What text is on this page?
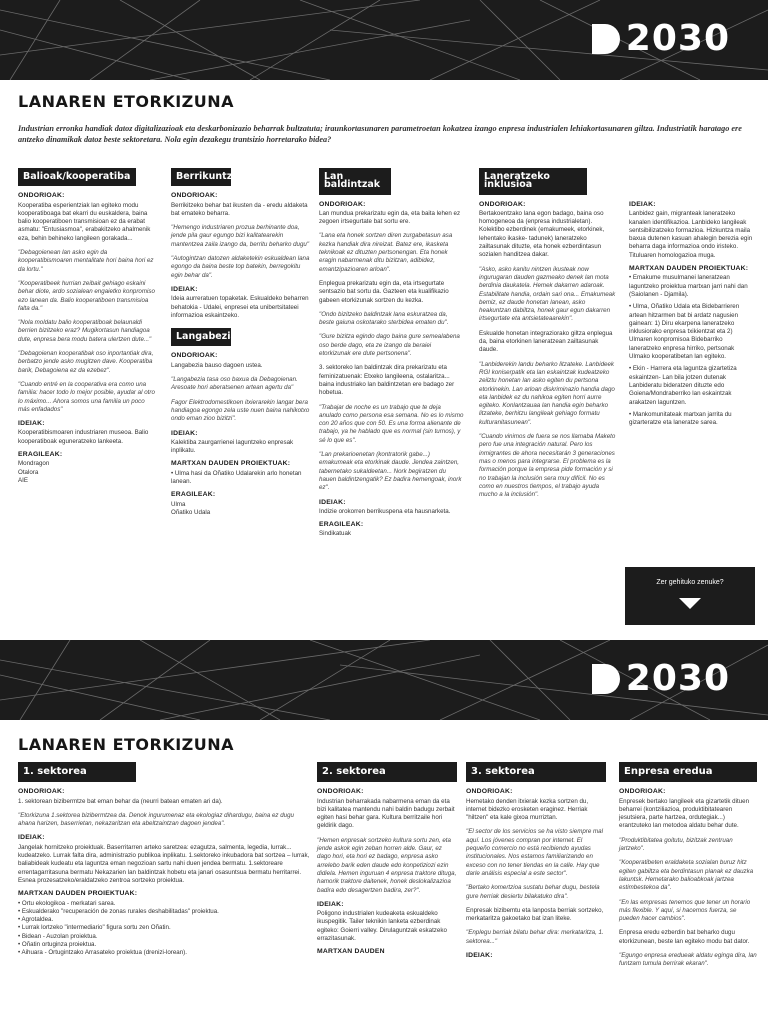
2030
LANAREN ETORKIZUNA
Industrian erronka handiak datoz digitalizazioak eta deskarbonizazio beharrak bultzatuta; iraunkortasunaren parametroetan kokatzea izango enpresa industrialen lehiakortasunaren giltza. Industriatik haratago ere antzeko dinamikak datoz beste sektoretara. Nola egin dezakegu trantsizio horretarako bidea?
Balioak/kooperatiba
ONDORIOAK:

Kooperatiba esperientziak lan egiteko modu kooperatiboaga bat ekarri du euskaldera, baina balio kooperatiboen transmisioan ez da erabat asmatu: "Entusiasmoa", erabakitzeko ahalmenik eza, behin behineko langileen gorakada...

"Debagoienean lan asko egin da kooperatibismoaren mentalitate hori baina hori ez da lortu."

"Kooperatibeek hurrian zeibait gehiago eskaini behar diote, ardo sozialean engaietko konpromiso ezo lanean da. Balio kooperatiboen transmisioa falta da."

"Nola moldatu balio kooperatiboak belaunaldi berrien bizitzeko eraz? Mugikortasun handiagoa dute, enpresa bera modu batera ulertzen dute..."

"Debagoienan kooperatibak oso inportantiak dira, berbatzo jende asko mugitzen dave. Kooperatiba barik, Debagoiena ez da ezebez".

"Cuando entré en la cooperativa era como una familia: hacer todo lo mejor posible, ayudar al otro lo máximo... Ahora somos una familia un poco más enfadados"

IDEIAK:

Kooperatibismoaren industriaren museoa. Balio kooperatiboak eguneratzeko lankeeta.

ERAGILEAK:
Mondragon
Otalora
AIE
Berrikuntza
ONDORIOAK:

Berrikitzeko behar bat ikusten da - eredu aldaketa bat emateko beharra.

"Hemengo industriaren prozua berhinante doa, jende pila gaur egungo bizi kalitatearekin mantentzea zaila izango da, berritu beharko dugu"

"Autogintzan datozen aldaketekin eskualdean lana egongo da baina beste top batekin, berregokitu egin behar da".

IDEIAK:

Ideia aurreratuen topaketak. Eskualdeko beharren behatokia - Udalei, enpresei eta unibertsitateei informazioa eskaintzeko.

Langabezia
ONDORIOAK:

Langabezia bauso dagoen ustea.

"Langabezia tasa oso baxua da Debagoienan. Aresoate hori aberatsenen artean agertu da"

Fagor Elektrodomestikoen itxierarekin langar bera handiagoa egongo zela uste nuen baina nahikotxo ondo eman zioo bizitzi".

IDEIAK:

Kalektiba zaurgarrienei laguntzeko enpresak inplikatu.

MARTXAN DAUDEN PROIEKTUAK:

• Ulma hasi da Oñatiko Udalarekin arlo honetan lanean.

ERAGILEAK:
Ulma
Oñatiko Udala
Lan baldintzak
ONDORIOAK:

Lan mundua prekarizatu egin da, eta baita lehen ez zegoen irtsegurtate bat sortu ere.

"Lana eta honek sortzen diren zurgabetasun asa kezka handiak dira nireizat. Batez ere, ikasketa teknikoak ez dituzten pertsonengan. Eta honek eragin nabarmenak ditu bizitzan, adibidez, emantzipazioaren arloan".

Enplegua prekarizatu egin da, eta irtsegurtate sentsazio bat sortu da. Gazteen eta kualifikazio gabeen etorkizunak sortzen du kezka.

"Ondo bizitzeko baldintzak lana eskuratzea da, beste gaiuna oskotarako sterbidea ematen du".

"Gure bizitza egindo dago baina gure semealabena oso berde dago, eta ze izango da beraiei etorkizunak ere dute pertsonena".

3. sektoreko lan baldintzak dira prekarizatu eta feminizatuenak: Etxeko langileena, ostalaritza... baina industriako lan baldintzetan ere badago zer hobetua.

"Trabajar de noche es un trabajo que te deja anulado como persona esa semana. No es lo mismo con 20 años que con 50. Es una forma alienante de trabajo, ya he hablado que es normal (sin turnos), y sé lo que es".

"Lan prekarioenetan (kontratorik gabe...) emakumeak eta etorkinak daude. Jendea zaintzen, tabernetako sukaldeetan... Nork begiratzen du hauen baldintzengatik? Ez badira hemengoak, inork ez".

IDEIAK:

Indizie orokorren berrikuspena eta hausnarketa.

ERAGILEAK:
Sindikatuak
Laneratzeko inklusioa
ONDORIOAK:

Bertakoentzako lana egon badago, baina oso homogeneoa da (enpresa industrialetan). Kolektibo ezberdinek (emakumeek, etorkinek, lehentako ikaske- tadunek) laneratzeko zailtasunak dituzte, eta honek ezberdintasun sozialen handitzea dakar.

"Asko, asko kanitu nintzen ikusteak now ingurugaran dauden gazmeako denek lan mota berdinia daukatela. Hemek dakarren adaroak. Estabilitate handia, ordain sari ona... Emakumeak bemiz, ez daude honetan lanean, asko heakuntzan dabiltza, honek gaur egun dakarren irtsegurtate eta antsietateaarekin".

Eskualde honetan integraziorako giltza enplegua da, baina etorkinen laneratzean zailtasunak daude.

"Lanbiderekin landu beharko litzateke. Lanbideek RGI koniserpatik eta lan eskaintzak kudeatzeko zeilztu honetan lan asko egiten du pertsona etorkinekin. Lan arloan diskriminazio handia dago eta lanbidek ez du nahikoa egiten horri aurre egiteko. Konlantzauaa lan handia egin beharko litzateke, berhitzu langileak gehiago formatu kulturanitasunean".

"Cuando vinimos de fuera se nos llamaba Maketo pero fue una integración natural. Pero los inmigrantes de ahora necesitarán 3 generaciones mas o menos para integrarse. El problema es la formación porque la empresa pide formación y si no trabajan la inclusión sera muy difícil. No es como en nuestros tiempos, el trabajo ayuda mucho a la inclusión".

IDEIAK:

Lanbidez gain, migranteak laneratzeko kanalen identifikazioa. Lanbideko langileak sentsibilizatzeko formazioa. Hizkuntza maila baxua dutenen kasuan ahalegin berezia egin beharra daga informazioa ondo iristeko. Tituluaren homologazioa muga.

MARTXAN DAUDEN PROIEKTUAK:

• Emakume musulmanei laneratzean laguntzeko proiektua martxan jarri nahi dan (Saiolanen - Djamila).

• Ulma, Oñatiko Udala eta Bidebarrieren artean hitzarmen bat bi ardatz nagusien gainean: 1) Diru ekarpena laneratzeko inklusiorako enpresa txikientzat eta 2) Ulmaren konpromisoa Bidebarriko laneratzeko enpresa hirriko, pertsonak Ulmako kooperatibetan lan egiteko.

• Ekin - Harrera eta laguntza gizartetiza eskaintzen- Lan bila jotzen dutenak Lanbideratu bideratzen dituzte edo Goiena/Mondraberriko lan eskaintzak arakatzen laguntzen.

• Mankomunitateak martxan jarrita du gizarteratze eta laneratze sarea.

Zer gehituko zenuke?
2030
LANAREN ETORKIZUNA
1. sektorea
ONDORIOAK:

1. sektorean bizibermtze bat eman behar da (neurri batean ematen ari da).

"Etorkizuna 1.sektorea bizibermtzea da. Denok ingurumenaz eta ekologiaz dihardugu, baina ez dugu ahana harizen, baserrietan, nekazaritzan eta abeltzaintzan dagoen jendea".

IDEIAK:

Jangelak hornitzeko proiektuak. Baserritarren arteko saretzea: ezagutza, salmenta, legedia, lurrak... kudeatzeko. Lurrak falta dira, administrazio publikoa inplikatu. 1.sektoreko inkubadora bat sortzea – lurrak, baliabideak kudeatu eta laguntza eman negozioan sartu nahi duen jendea bermatu. 1.sektoreare errentagarritasuna bermatu Nekazarien lan baldintzak hobetu eta janari osasuntsua bermatu herritarrei. Esnea prozesatzeko/eraldatzeko zentroa sortzeko proiektua.

MARTXAN DAUDEN PROIEKTUAK:
• Ortu ekologikoa - merkatari sarea.
• Eskualderako "recuperación de zonas rurales deshabilitadas" proiektua.
• Agrotaldea.
• Lurrak lortzeko "intermediario" figura sortu zen Oñatin.
• Bidean - Auzolan proiektua.
• Oñatin ortuginza proiektua.
• Aihuara - Ortugintzako Arrasateko proiektua (drenizi-lorean).
2. sektorea
ONDORIOAK:

Industrian beharrakada nabarmena eman da eta bizi kalitatea mantendu nahi baldin badugu zerbait egiten hasi behar gara. Kultura berritzaile hori geldirik dago.

"Hemen enpresak sortzeko kultura sortu zen, eta jende askok egin zeban horren alde. Gaur, ez dago hori, eta hori ez badago, enpresa asko arrelebo barik eden daude edo konpetiziozi ezin didiela. Hemen inguruan 4 enpresa traktore dituga, hamorik traktore daitenek, honek deslokalizazioa badira edo desagertzen badira, zer?".

IDEIAK:

Poligono industrialen kudeaketa eskualdeko ikuspegitik. Tailer teknikin lanketa ezberdinak egiteko: Goierri valley. Dirulaguntzak eskatzeko errazitasunak.

MARTXAN DAUDEN
3. sektorea
ONDORIOAK:

Hemetako denden itxierak kezka sortzen du, internet bidezko erosketen eraginez. Herriak "hiltzen" eta kale gixoa murriztan.

"El sector de los servicios se ha visto siempre mal aquí. Los jóvenes compran por internet. El pequeño comercio no está recibiendo ayudas institucionales. Nos estamos familiarizando en exceso con no tener tiendas en la calle. Hay que darle análisis especial a este sector".

"Bertako komertzioa sustatu behar dugu, bestela gure herriak desiertu bilakatuko dira".

Enpresak bizibemtu eta lanposta berriak sortzeko, merkataritza gakoetako bat izan liteke.

"Enplegu berriak bilatu behar dira: merkataritza, 1. sektorea..."

IDEIAK:
Enpresa eredua
ONDORIOAK:

Enpresek bertako langileek eta gizartetik dituen beharrei (kontziliazioa, produktibitatearen jesutsiera, parte hartzea, ordutegiak...) erantzuteko lan metodoa aldatu behar dute.

"Produktibitatea goitutu, bizitzak zentruan jartzeko".

"Kooperatibeten eraldaketa sozialan buruz hitz egiten gabiltza eta berdintasun planak ez dauzka lakuntsk. Hemetarako balioabkoak jartzea estimbestekoa da".

"En las empresas tenemos que tener un horario más flexible. Y aquí, si hacemos fuerza, se pueden hacer cambios".

Enpresa eredu ezberdin bat beharko dugu etorkizunean, beste lan egiteko modu bat dator.

"Egungo enpresa eredueak aldatu eginga dira, lan funtzam tumula berrirak ekaran".
